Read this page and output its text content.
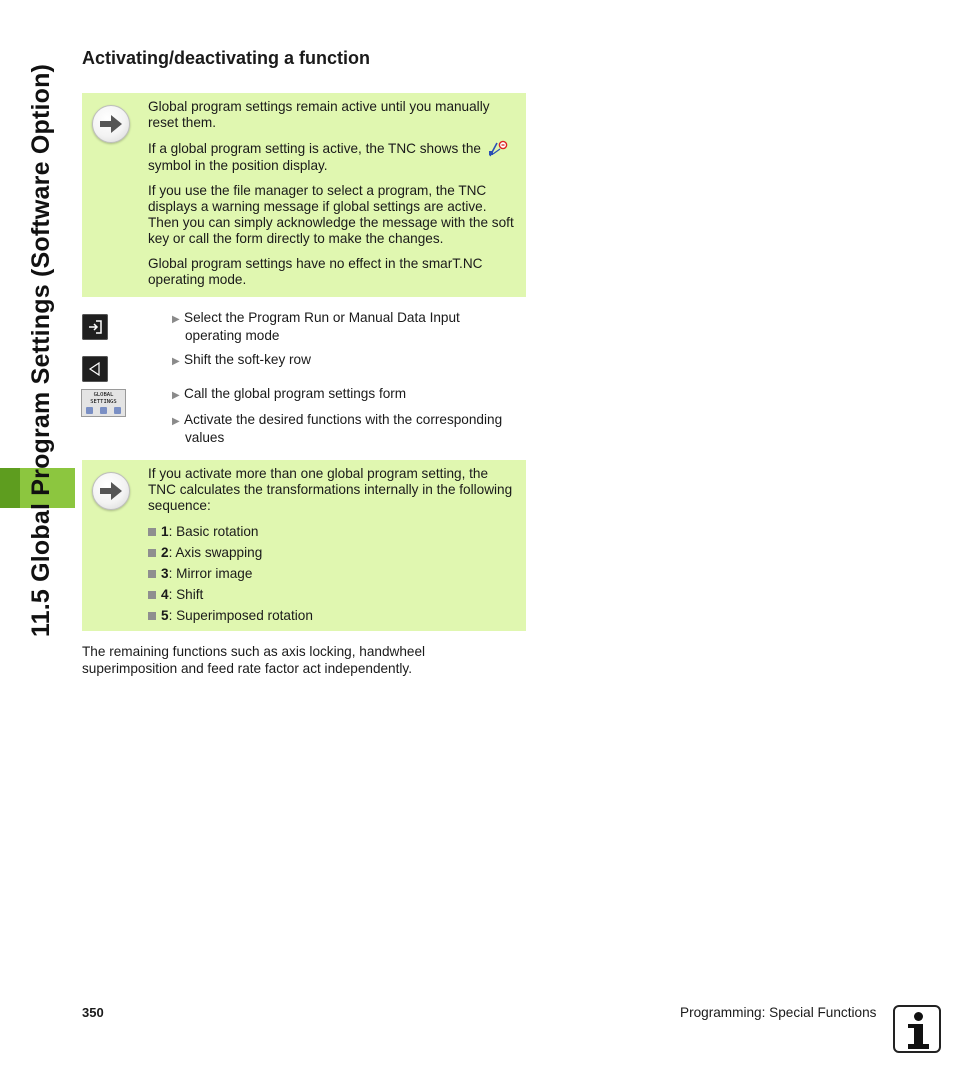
11.5 Global Program Settings (Software Option)
Activating/deactivating a function

Global program settings remain active until you manually reset them.

If a global program setting is active, the TNC shows the  symbol in the position display.

If you use the file manager to select a program, the TNC displays a warning message if global settings are active. Then you can simply acknowledge the message with the soft key or call the form directly to make the changes.

Global program settings have no effect in the smarT.NC operating mode.

GLOBAL
SETTINGS
▶ Select the Program Run or Manual Data Input
operating mode
▶ Shift the soft-key row
▶ Call the global program settings form
▶ Activate the desired functions with the corresponding
values

If you activate more than one global program setting, the TNC calculates the transformations internally in the following sequence:

1: Basic rotation
2: Axis swapping
3: Mirror image
4: Shift
5: Superimposed rotation
The remaining functions such as axis locking, handwheel superimposition and feed rate factor act independently.
350	Programming: Special Functions
